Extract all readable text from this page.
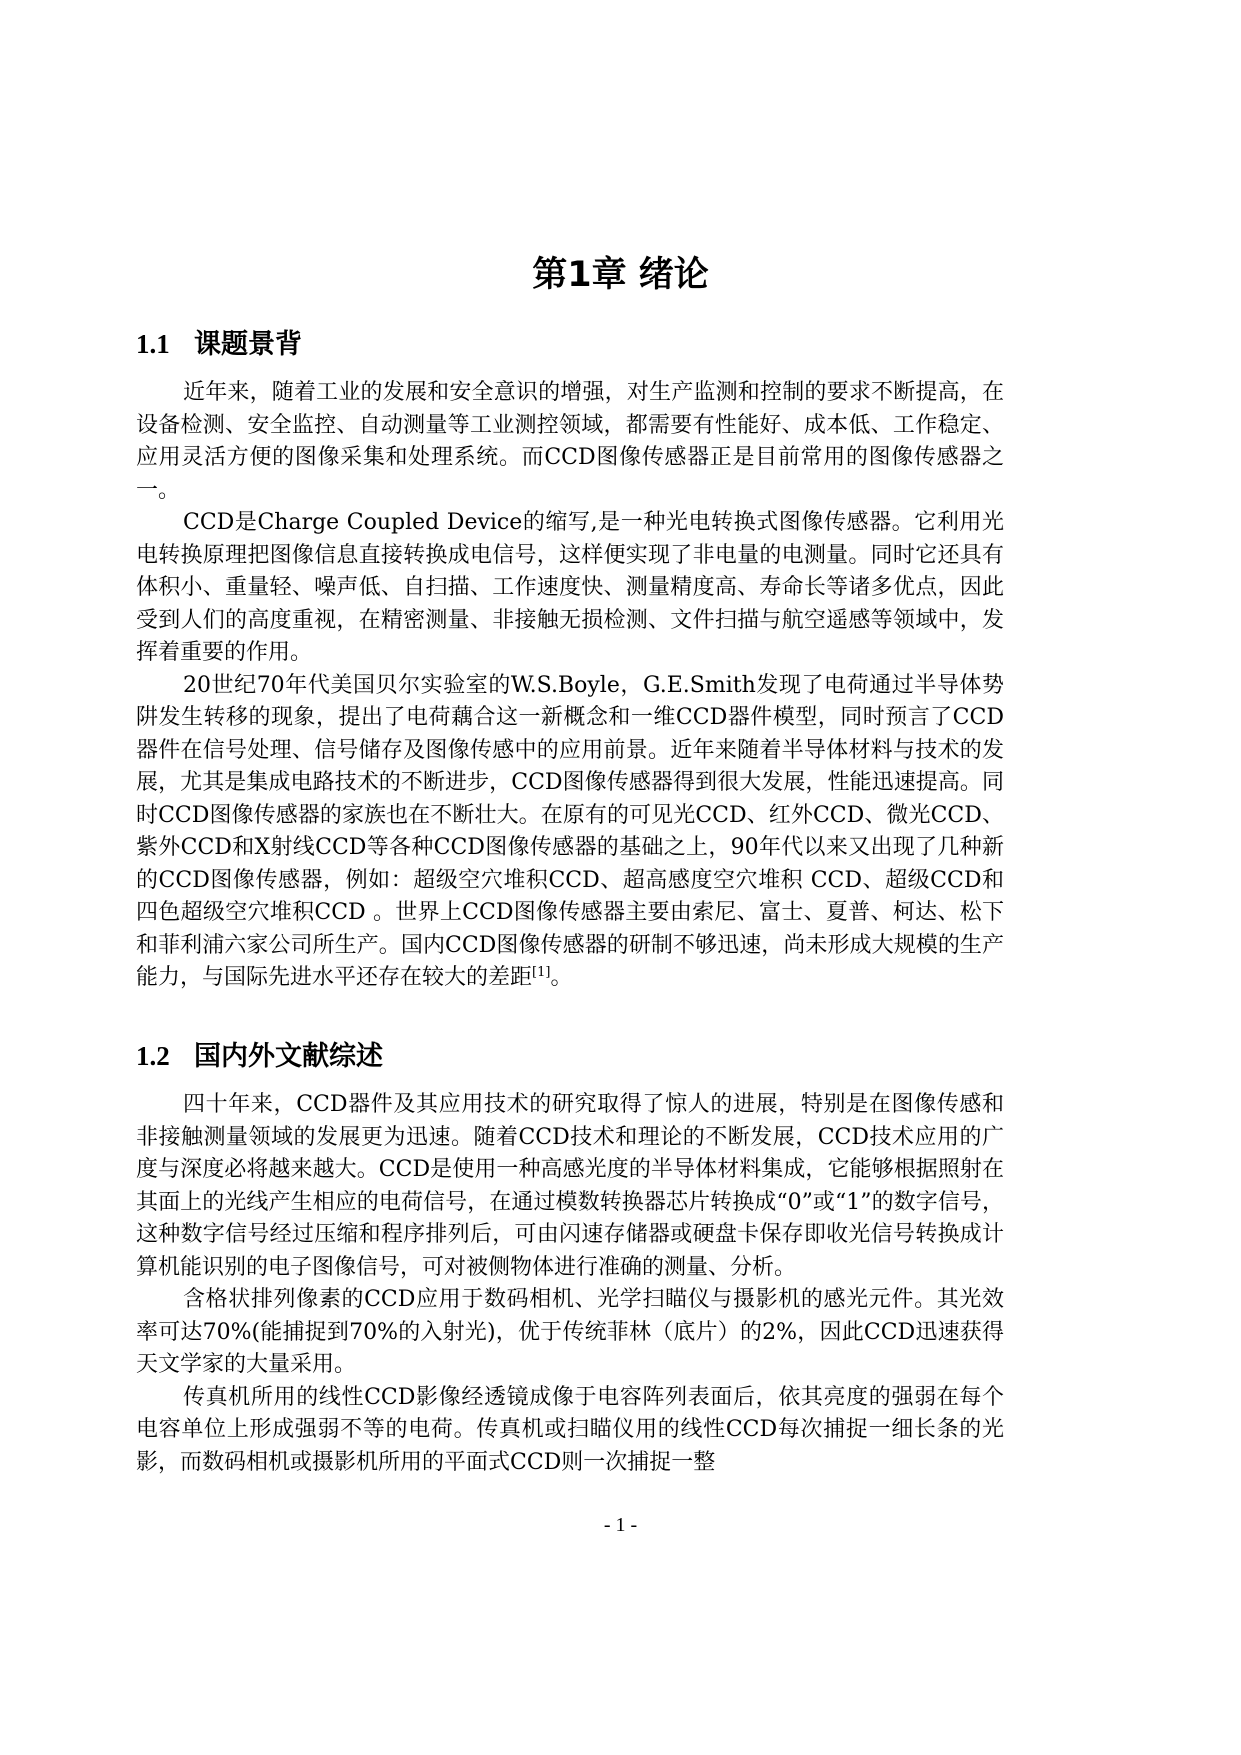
第1章 绪论
1.1 课题景背

近年来，随着工业的发展和安全意识的增强，对生产监测和控制的要求不断提高，在设备检测、安全监控、自动测量等工业测控领域，都需要有性能好、成本低、工作稳定、应用灵活方便的图像采集和处理系统。而CCD图像传感器正是目前常用的图像传感器之一。

CCD是Charge Coupled Device的缩写,是一种光电转换式图像传感器。它利用光电转换原理把图像信息直接转换成电信号，这样便实现了非电量的电测量。同时它还具有体积小、重量轻、噪声低、自扫描、工作速度快、测量精度高、寿命长等诸多优点，因此受到人们的高度重视，在精密测量、非接触无损检测、文件扫描与航空遥感等领域中，发挥着重要的作用。

20世纪70年代美国贝尔实验室的W.S.Boyle，G.E.Smith发现了电荷通过半导体势阱发生转移的现象，提出了电荷藕合这一新概念和一维CCD器件模型，同时预言了CCD器件在信号处理、信号储存及图像传感中的应用前景。近年来随着半导体材料与技术的发展，尤其是集成电路技术的不断进步，CCD图像传感器得到很大发展，性能迅速提高。同时CCD图像传感器的家族也在不断壮大。在原有的可见光CCD、红外CCD、微光CCD、紫外CCD和X射线CCD等各种CCD图像传感器的基础之上，90年代以来又出现了几种新的CCD图像传感器，例如：超级空穴堆积CCD、超高感度空穴堆积 CCD、超级CCD和四色超级空穴堆积CCD 。世界上CCD图像传感器主要由索尼、富士、夏普、柯达、松下和菲利浦六家公司所生产。国内CCD图像传感器的研制不够迅速，尚未形成大规模的生产能力，与国际先进水平还存在较大的差距[1]。

1.2 国内外文献综述

四十年来，CCD器件及其应用技术的研究取得了惊人的进展，特别是在图像传感和非接触测量领域的发展更为迅速。随着CCD技术和理论的不断发展，CCD技术应用的广度与深度必将越来越大。CCD是使用一种高感光度的半导体材料集成，它能够根据照射在其面上的光线产生相应的电荷信号，在通过模数转换器芯片转换成“0”或“1”的数字信号，这种数字信号经过压缩和程序排列后，可由闪速存储器或硬盘卡保存即收光信号转换成计算机能识别的电子图像信号，可对被侧物体进行准确的测量、分析。

含格状排列像素的CCD应用于数码相机、光学扫瞄仪与摄影机的感光元件。其光效率可达70%(能捕捉到70%的入射光)，优于传统菲林（底片）的2%，因此CCD迅速获得天文学家的大量采用。

传真机所用的线性CCD影像经透镜成像于电容阵列表面后，依其亮度的强弱在每个电容单位上形成强弱不等的电荷。传真机或扫瞄仪用的线性CCD每次捕捉一细长条的光影，而数码相机或摄影机所用的平面式CCD则一次捕捉一整

- 1 -
